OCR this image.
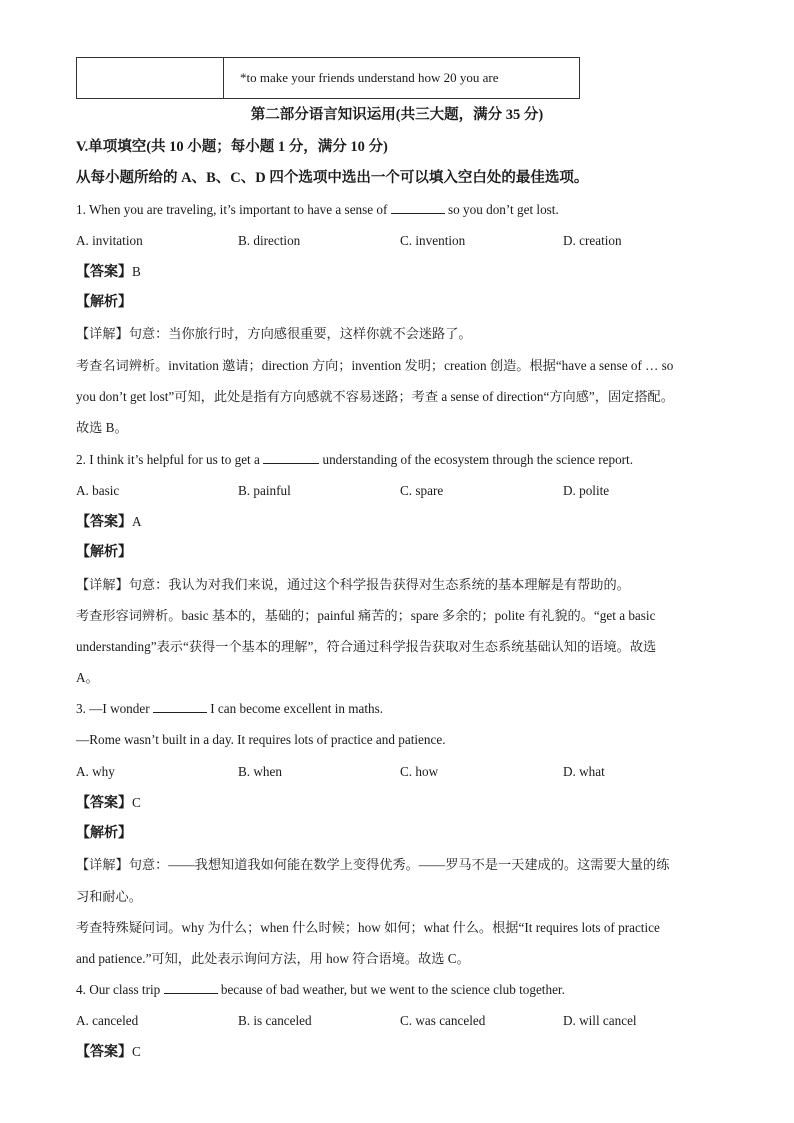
*to make your friends understand how 20 you are
第二部分语言知识运用(共三大题，满分 35 分)
V.单项填空(共 10 小题；每小题 1 分，满分 10 分)
从每小题所给的 A、B、C、D 四个选项中选出一个可以填入空白处的最佳选项。
1. When you are traveling, it’s important to have a sense of	so you don’t get lost.
A. invitation	B. direction	C. invention	D. creation
【答案】B
【解析】
【详解】句意：当你旅行时，方向感很重要，这样你就不会迷路了。
考查名词辨析。invitation 邀请；direction 方向；invention 发明；creation 创造。根据“have a sense of … so
you don’t get lost”可知，此处是指有方向感就不容易迷路；考查 a sense of direction“方向感”，固定搭配。
故选 B。
2. I think it’s helpful for us to get a	understanding of the ecosystem through the science report.
A. basic	B. painful	C. spare	D. polite
【答案】A
【解析】
【详解】句意：我认为对我们来说，通过这个科学报告获得对生态系统的基本理解是有帮助的。
考查形容词辨析。basic 基本的，基础的；painful 痛苦的；spare 多余的；polite 有礼貌的。“get a basic
understanding”表示“获得一个基本的理解”，符合通过科学报告获取对生态系统基础认知的语境。故选
A。
3. —I wonder	I can become excellent in maths.
—Rome wasn’t built in a day. It requires lots of practice and patience.
A. why	B. when	C. how	D. what
【答案】C
【解析】
【详解】句意：——我想知道我如何能在数学上变得优秀。——罗马不是一天建成的。这需要大量的练
习和耐心。
考查特殊疑问词。why 为什么；when 什么时候；how 如何；what 什么。根据“It requires lots of practice
and patience.”可知，此处表示询问方法，用 how 符合语境。故选 C。
4. Our class trip	because of bad weather, but we went to the science club together.
A. canceled	B. is canceled	C. was canceled	D. will cancel
【答案】C
